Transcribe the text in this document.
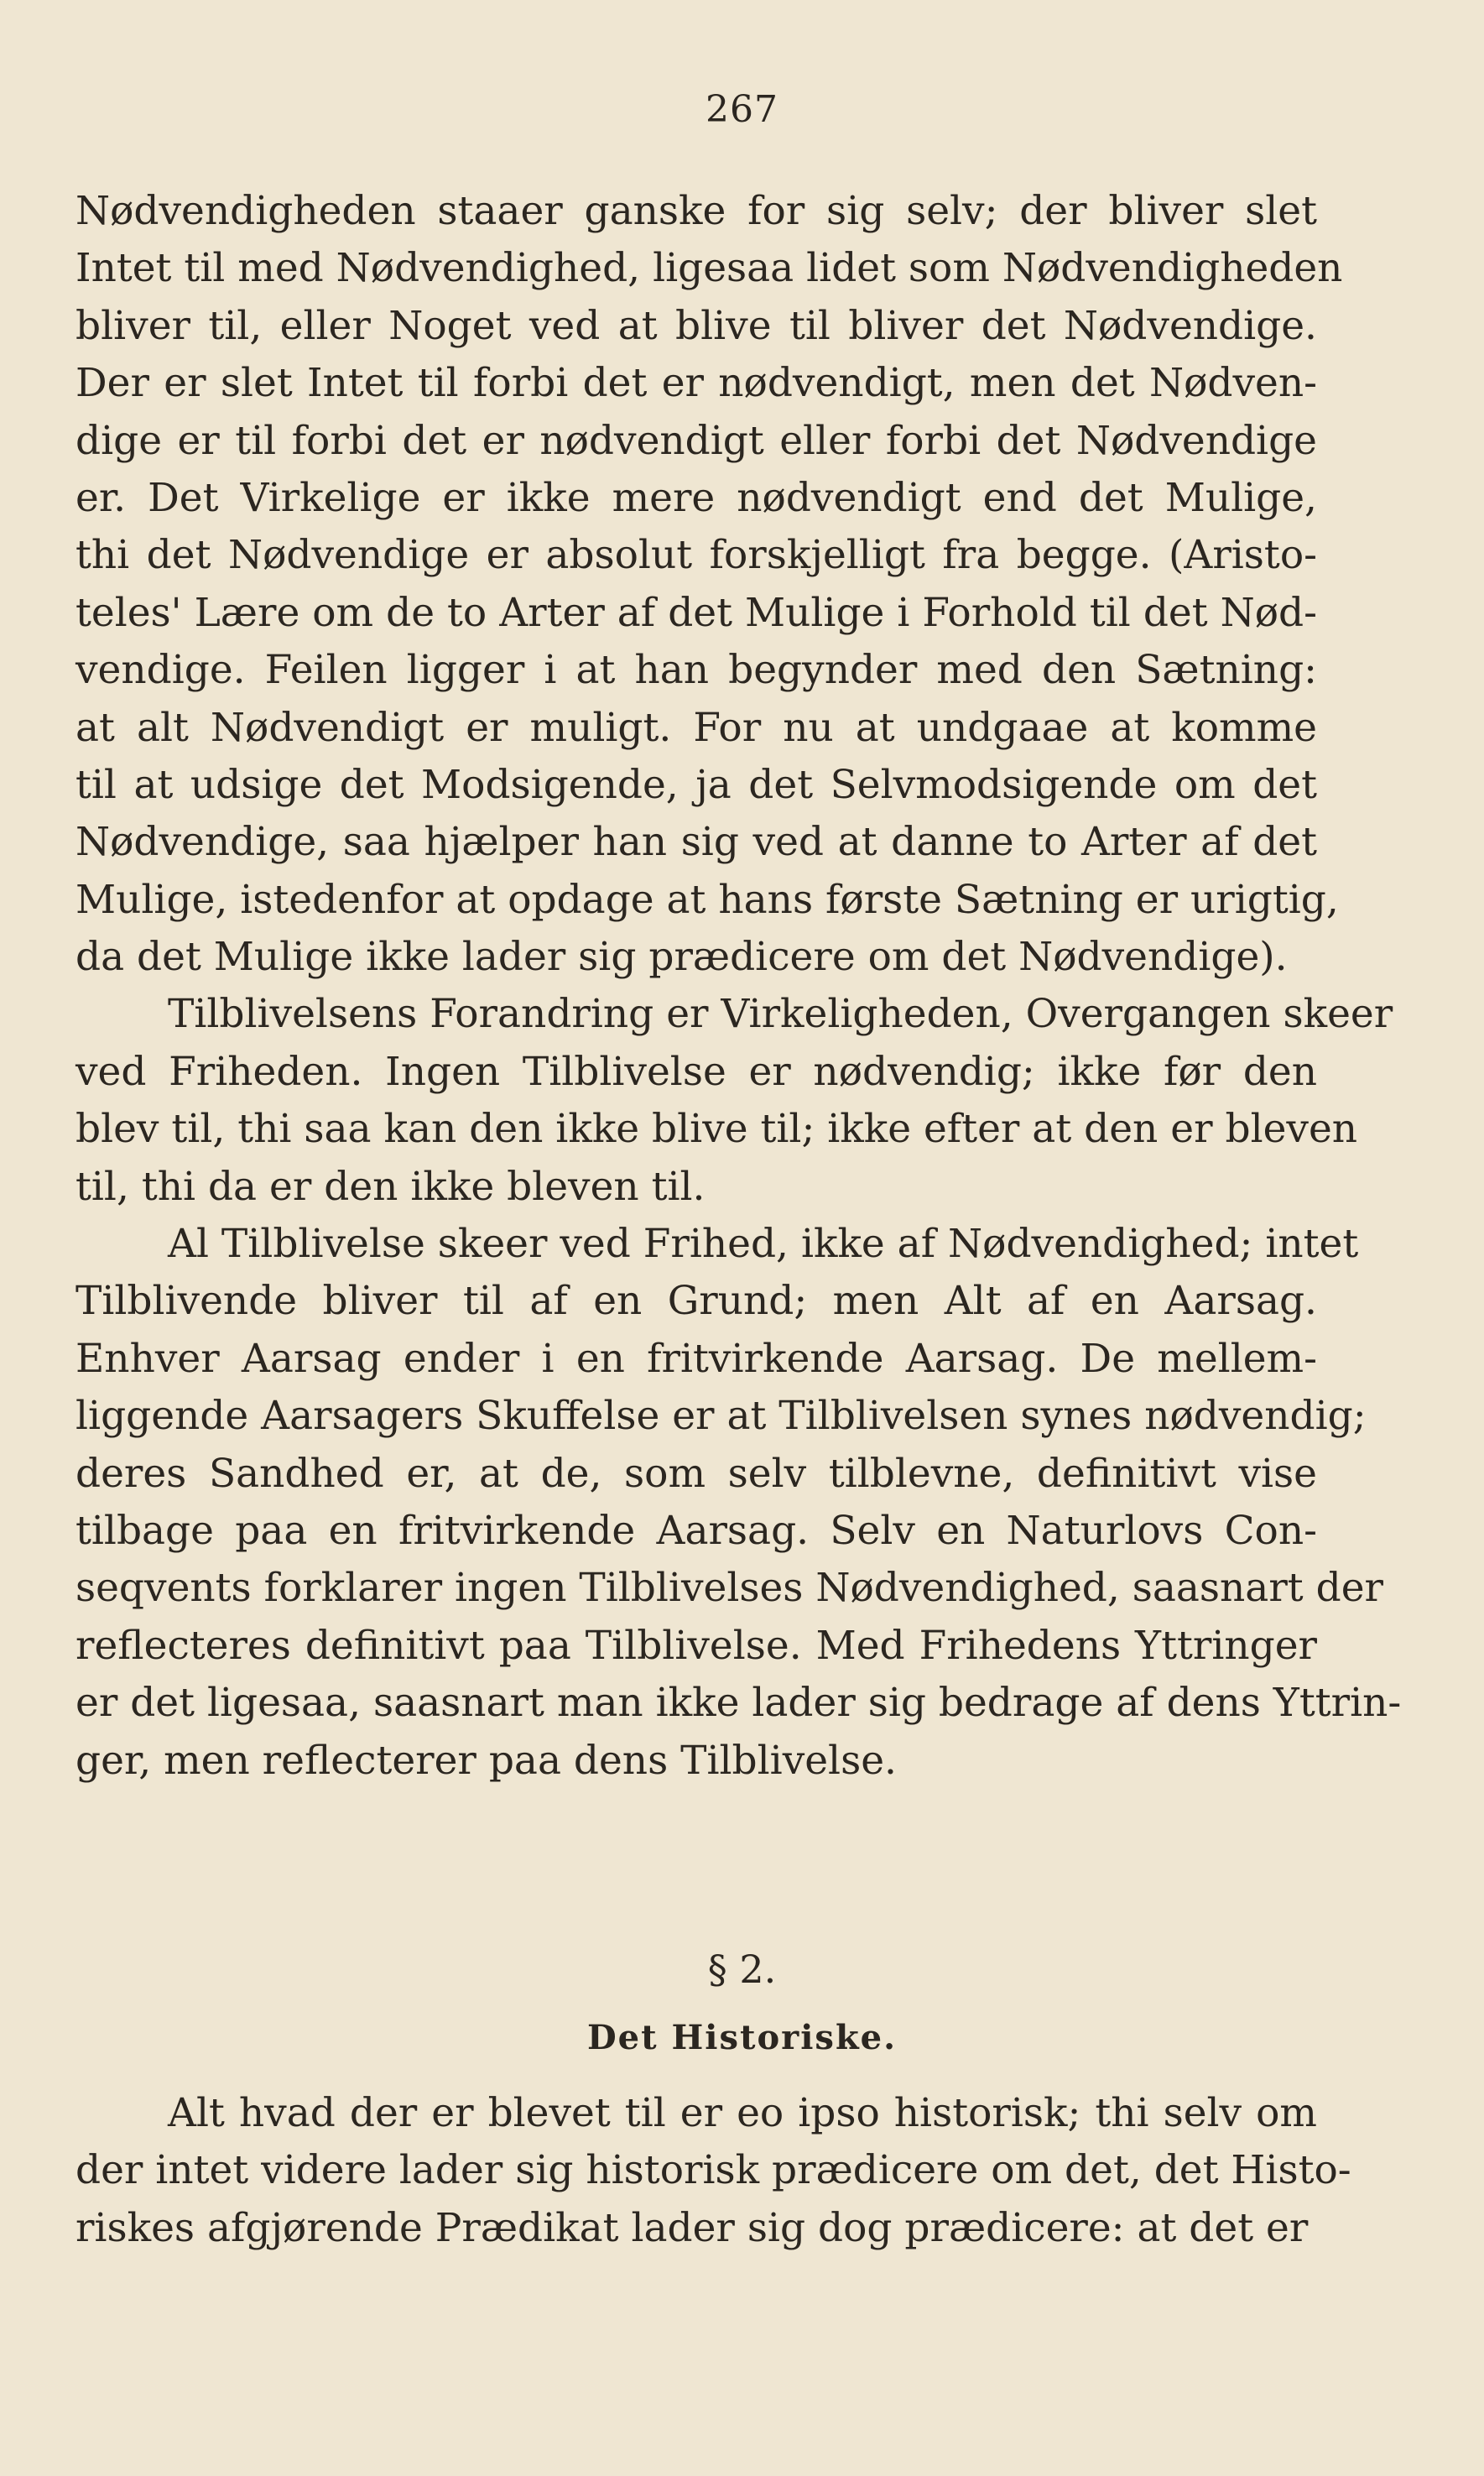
267
Nødvendigheden staaer ganske for sig selv; der bliver slet
Intet til med Nødvendighed, ligesaa lidet som Nødvendigheden
bliver til, eller Noget ved at blive til bliver det Nødvendige.
Der er slet Intet til forbi det er nødvendigt, men det Nødven-
dige er til forbi det er nødvendigt eller forbi det Nødvendige
er. Det Virkelige er ikke mere nødvendigt end det Mulige,
thi det Nødvendige er absolut forskjelligt fra begge. (Aristo-
teles' Lære om de to Arter af det Mulige i Forhold til det Nød-
vendige. Feilen ligger i at han begynder med den Sætning:
at alt Nødvendigt er muligt. For nu at undgaae at komme
til at udsige det Modsigende, ja det Selvmodsigende om det
Nødvendige, saa hjælper han sig ved at danne to Arter af det
Mulige, istedenfor at opdage at hans første Sætning er urigtig,
da det Mulige ikke lader sig prædicere om det Nødvendige).
Tilblivelsens Forandring er Virkeligheden, Overgangen skeer
ved Friheden. Ingen Tilblivelse er nødvendig; ikke før den
blev til, thi saa kan den ikke blive til; ikke efter at den er bleven
til, thi da er den ikke bleven til.
Al Tilblivelse skeer ved Frihed, ikke af Nødvendighed; intet
Tilblivende bliver til af en Grund; men Alt af en Aarsag.
Enhver Aarsag ender i en fritvirkende Aarsag. De mellem-
liggende Aarsagers Skuffelse er at Tilblivelsen synes nødvendig;
deres Sandhed er, at de, som selv tilblevne, definitivt vise
tilbage paa en fritvirkende Aarsag. Selv en Naturlovs Con-
seqvents forklarer ingen Tilblivelses Nødvendighed, saasnart der
reflecteres definitivt paa Tilblivelse. Med Frihedens Yttringer
er det ligesaa, saasnart man ikke lader sig bedrage af dens Yttrin-
ger, men reflecterer paa dens Tilblivelse.
§ 2.
Det Historiske.
Alt hvad der er blevet til er eo ipso historisk; thi selv om
der intet videre lader sig historisk prædicere om det, det Histo-
riskes afgjørende Prædikat lader sig dog prædicere: at det er
